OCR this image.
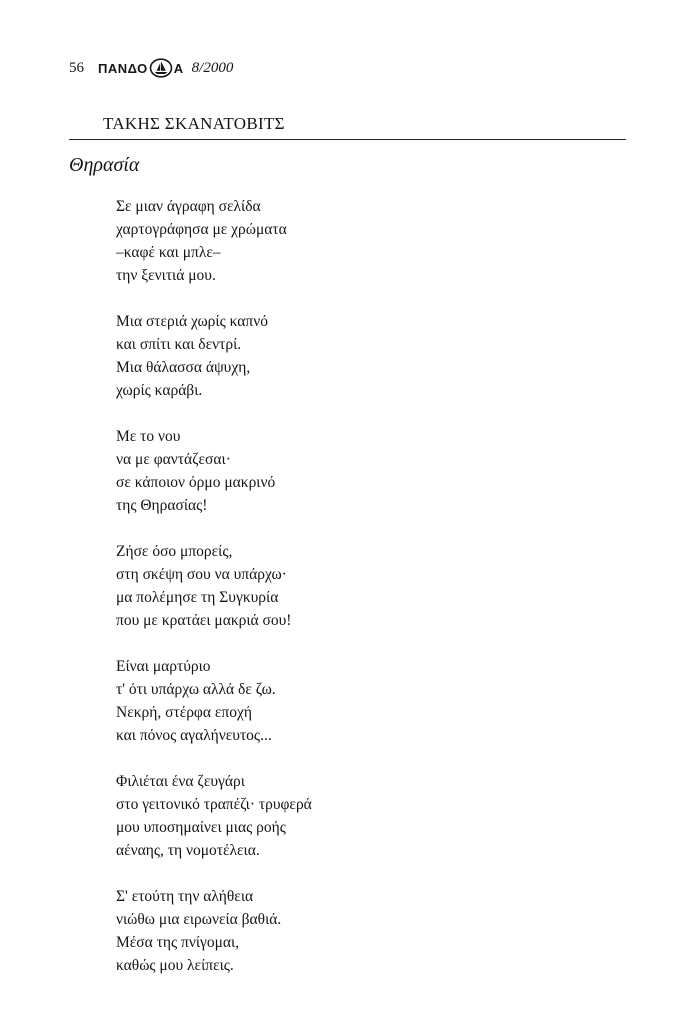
56 ΠΑΝΔΟ Α 8/2000
ΤΑΚΗΣ ΣΚΑΝΑΤΟΒΙΤΣ
Θηρασία
Σε μιαν άγραφη σελίδα
χαρτογράφησα με χρώματα
–καφέ και μπλε–
την ξενιτιά μου.
Μια στεριά χωρίς καπνό
και σπίτι και δεντρί.
Μια θάλασσα άψυχη,
χωρίς καράβι.
Με το νου
να με φαντάζεσαι·
σε κάποιον όρμο μακρινό
της Θηρασίας!
Ζήσε όσο μπορείς,
στη σκέψη σου να υπάρχω·
μα πολέμησε τη Συγκυρία
που με κρατάει μακριά σου!
Είναι μαρτύριο
τ' ότι υπάρχω αλλά δε ζω.
Νεκρή, στέρφα εποχή
και πόνος αγαλήνευτος...
Φιλιέται ένα ζευγάρι
στο γειτονικό τραπέζι· τρυφερά
μου υποσημαίνει μιας ροής
αέναης, τη νομοτέλεια.
Σ' ετούτη την αλήθεια
νιώθω μια ειρωνεία βαθιά.
Μέσα της πνίγομαι,
καθώς μου λείπεις.
